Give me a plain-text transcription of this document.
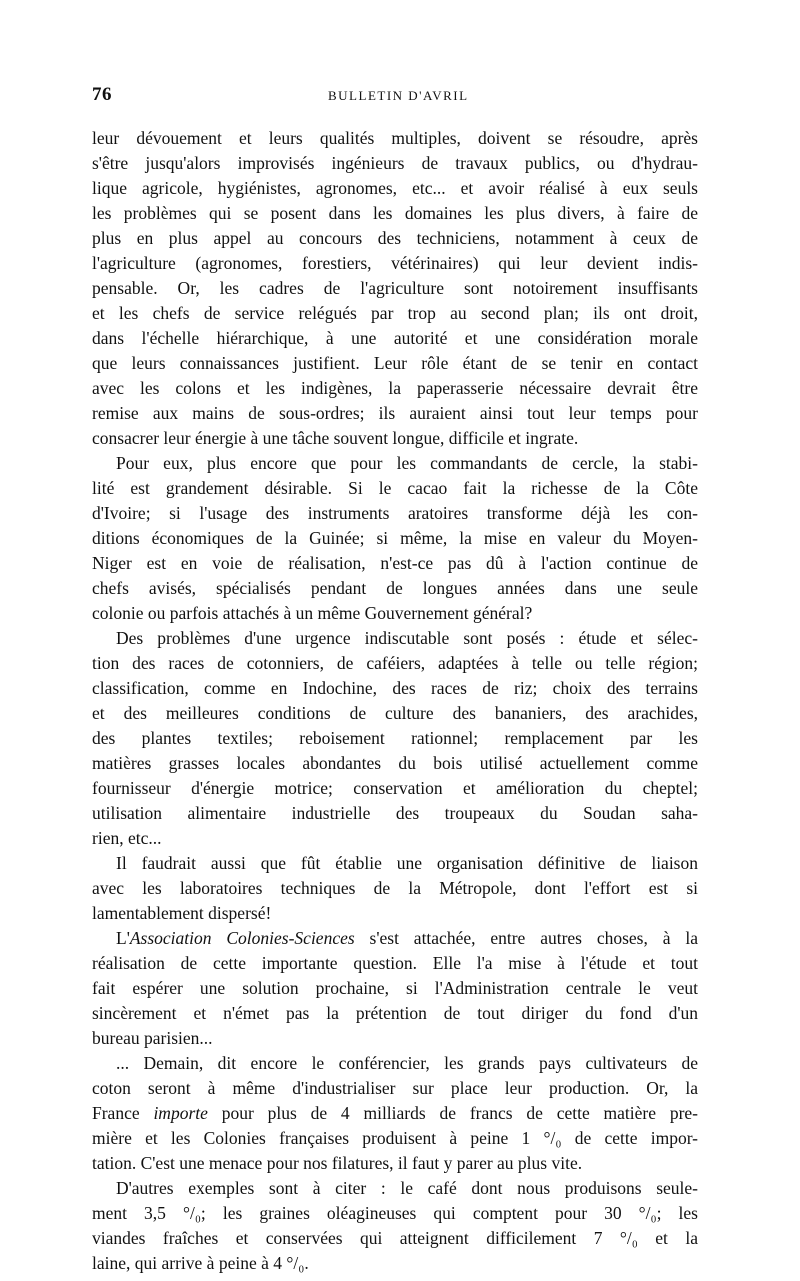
76	BULLETIN D'AVRIL
leur dévouement et leurs qualités multiples, doivent se résoudre, après
s'être jusqu'alors improvisés ingénieurs de travaux publics, ou d'hydrau-
lique agricole, hygiénistes, agronomes, etc... et avoir réalisé à eux seuls
les problèmes qui se posent dans les domaines les plus divers, à faire de
plus en plus appel au concours des techniciens, notamment à ceux de
l'agriculture (agronomes, forestiers, vétérinaires) qui leur devient indis-
pensable. Or, les cadres de l'agriculture sont notoirement insuffisants
et les chefs de service relégués par trop au second plan; ils ont droit,
dans l'échelle hiérarchique, à une autorité et une considération morale
que leurs connaissances justifient. Leur rôle étant de se tenir en contact
avec les colons et les indigènes, la paperasserie nécessaire devrait être
remise aux mains de sous-ordres; ils auraient ainsi tout leur temps pour
consacrer leur énergie à une tâche souvent longue, difficile et ingrate.
Pour eux, plus encore que pour les commandants de cercle, la stabi-
lité est grandement désirable. Si le cacao fait la richesse de la Côte
d'Ivoire; si l'usage des instruments aratoires transforme déjà les con-
ditions économiques de la Guinée; si même, la mise en valeur du Moyen-
Niger est en voie de réalisation, n'est-ce pas dû à l'action continue de
chefs avisés, spécialisés pendant de longues années dans une seule
colonie ou parfois attachés à un même Gouvernement général?
Des problèmes d'une urgence indiscutable sont posés : étude et sélec-
tion des races de cotonniers, de caféiers, adaptées à telle ou telle région;
classification, comme en Indochine, des races de riz; choix des terrains
et des meilleures conditions de culture des bananiers, des arachides,
des plantes textiles; reboisement rationnel; remplacement par les
matières grasses locales abondantes du bois utilisé actuellement comme
fournisseur d'énergie motrice; conservation et amélioration du cheptel;
utilisation alimentaire industrielle des troupeaux du Soudan saha-
rien, etc...
Il faudrait aussi que fût établie une organisation définitive de liaison
avec les laboratoires techniques de la Métropole, dont l'effort est si
lamentablement dispersé!
L'Association Colonies-Sciences s'est attachée, entre autres choses, à la
réalisation de cette importante question. Elle l'a mise à l'étude et tout
fait espérer une solution prochaine, si l'Administration centrale le veut
sincèrement et n'émet pas la prétention de tout diriger du fond d'un
bureau parisien...
... Demain, dit encore le conférencier, les grands pays cultivateurs de
coton seront à même d'industrialiser sur place leur production. Or, la
France importe pour plus de 4 milliards de francs de cette matière pre-
mière et les Colonies françaises produisent à peine 1 °/₀ de cette impor-
tation. C'est une menace pour nos filatures, il faut y parer au plus vite.
D'autres exemples sont à citer : le café dont nous produisons seule-
ment 3,5 °/₀; les graines oléagineuses qui comptent pour 30 °/₀; les
viandes fraîches et conservées qui atteignent difficilement 7 °/₀ et la
laine, qui arrive à peine à 4 °/₀.
